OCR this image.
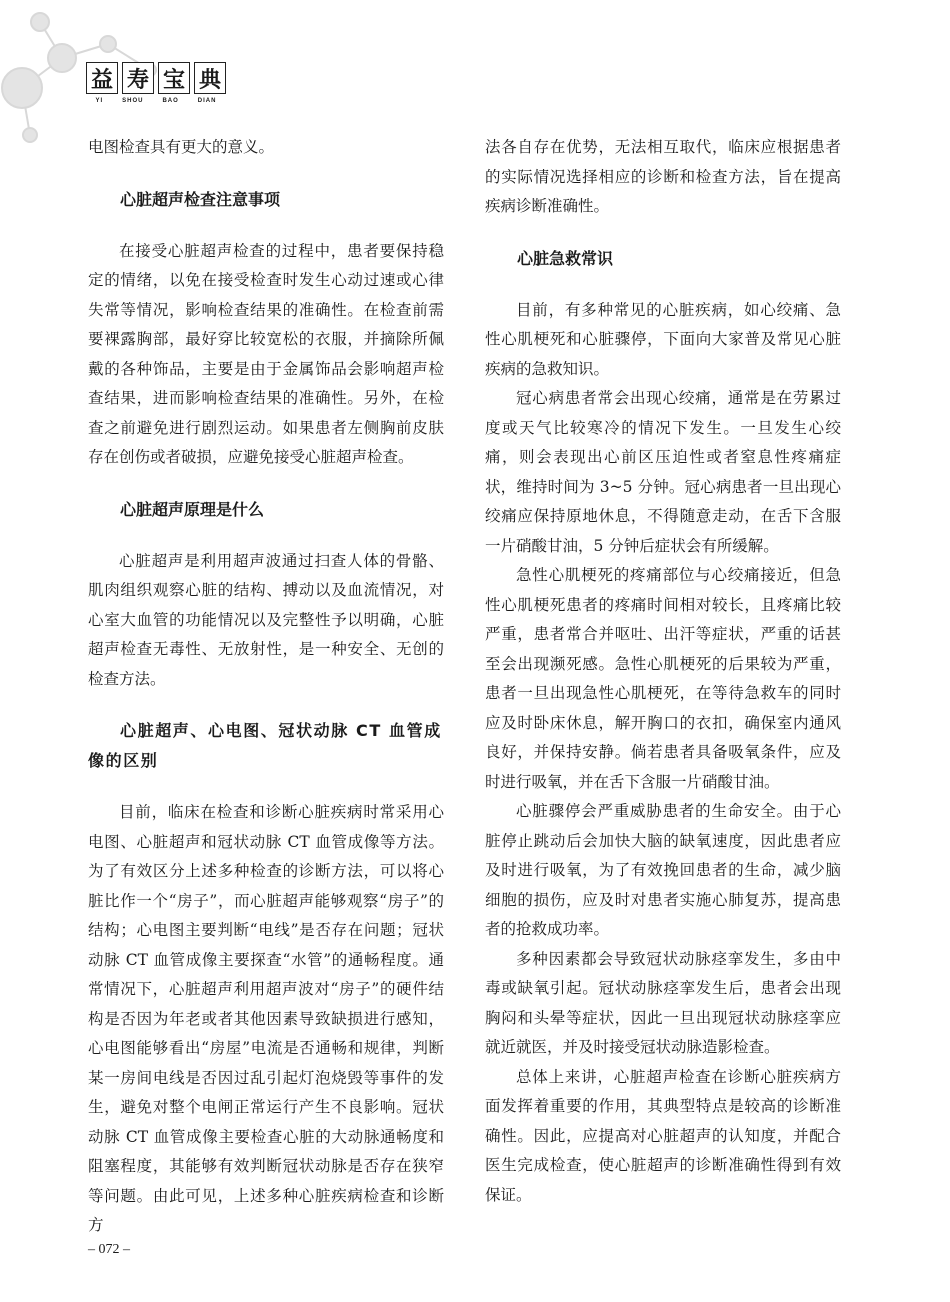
益 寿 宝 典
YI	SHOU	BAO	DIAN

电图检查具有更大的意义。

心脏超声检查注意事项

在接受心脏超声检查的过程中，患者要保持稳定的情绪，以免在接受检查时发生心动过速或心律失常等情况，影响检查结果的准确性。在检查前需要裸露胸部，最好穿比较宽松的衣服，并摘除所佩戴的各种饰品，主要是由于金属饰品会影响超声检查结果，进而影响检查结果的准确性。另外，在检查之前避免进行剧烈运动。如果患者左侧胸前皮肤存在创伤或者破损，应避免接受心脏超声检查。

心脏超声原理是什么

心脏超声是利用超声波通过扫查人体的骨骼、肌肉组织观察心脏的结构、搏动以及血流情况，对心室大血管的功能情况以及完整性予以明确，心脏超声检查无毒性、无放射性，是一种安全、无创的检查方法。

心脏超声、心电图、冠状动脉 CT 血管成像的区别

目前，临床在检查和诊断心脏疾病时常采用心电图、心脏超声和冠状动脉 CT 血管成像等方法。为了有效区分上述多种检查的诊断方法，可以将心脏比作一个“房子”，而心脏超声能够观察“房子”的结构；心电图主要判断“电线”是否存在问题；冠状动脉 CT 血管成像主要探查“水管”的通畅程度。通常情况下，心脏超声利用超声波对“房子”的硬件结构是否因为年老或者其他因素导致缺损进行感知，心电图能够看出“房屋”电流是否通畅和规律，判断某一房间电线是否因过乱引起灯泡烧毁等事件的发生，避免对整个电闸正常运行产生不良影响。冠状动脉 CT 血管成像主要检查心脏的大动脉通畅度和阻塞程度，其能够有效判断冠状动脉是否存在狭窄等问题。由此可见，上述多种心脏疾病检查和诊断方

法各自存在优势，无法相互取代，临床应根据患者的实际情况选择相应的诊断和检查方法，旨在提高疾病诊断准确性。

心脏急救常识

目前，有多种常见的心脏疾病，如心绞痛、急性心肌梗死和心脏骤停，下面向大家普及常见心脏疾病的急救知识。

冠心病患者常会出现心绞痛，通常是在劳累过度或天气比较寒冷的情况下发生。一旦发生心绞痛，则会表现出心前区压迫性或者窒息性疼痛症状，维持时间为 3~5 分钟。冠心病患者一旦出现心绞痛应保持原地休息，不得随意走动，在舌下含服一片硝酸甘油，5 分钟后症状会有所缓解。

急性心肌梗死的疼痛部位与心绞痛接近，但急性心肌梗死患者的疼痛时间相对较长，且疼痛比较严重，患者常合并呕吐、出汗等症状，严重的话甚至会出现濒死感。急性心肌梗死的后果较为严重，患者一旦出现急性心肌梗死，在等待急救车的同时应及时卧床休息，解开胸口的衣扣，确保室内通风良好，并保持安静。倘若患者具备吸氧条件，应及时进行吸氧，并在舌下含服一片硝酸甘油。

心脏骤停会严重威胁患者的生命安全。由于心脏停止跳动后会加快大脑的缺氧速度，因此患者应及时进行吸氧，为了有效挽回患者的生命，减少脑细胞的损伤，应及时对患者实施心肺复苏，提高患者的抢救成功率。

多种因素都会导致冠状动脉痉挛发生，多由中毒或缺氧引起。冠状动脉痉挛发生后，患者会出现胸闷和头晕等症状，因此一旦出现冠状动脉痉挛应就近就医，并及时接受冠状动脉造影检查。

总体上来讲，心脏超声检查在诊断心脏疾病方面发挥着重要的作用，其典型特点是较高的诊断准确性。因此，应提高对心脏超声的认知度，并配合医生完成检查，使心脏超声的诊断准确性得到有效保证。

– 072 –
